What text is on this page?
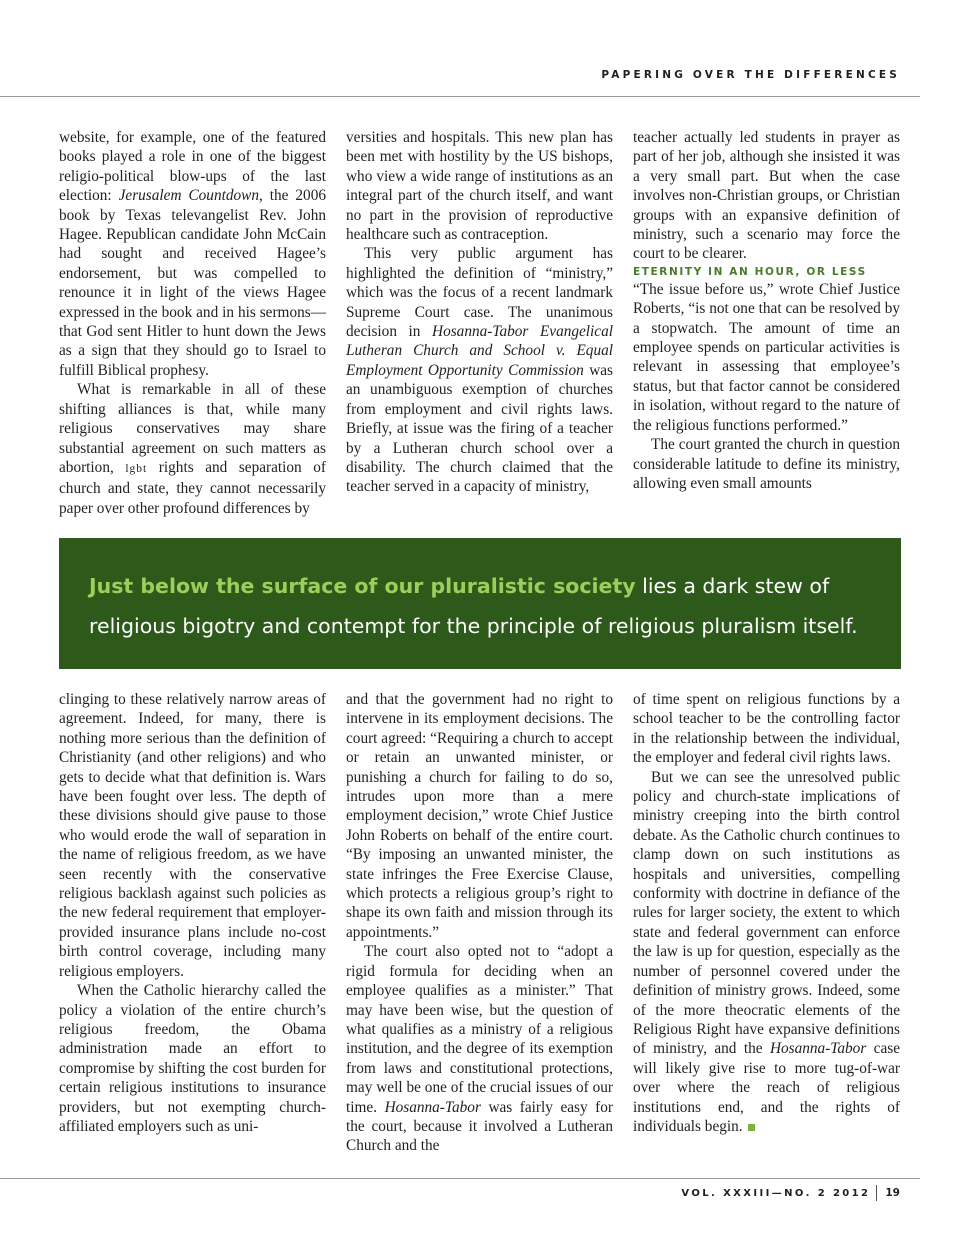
PAPERING OVER THE DIFFERENCES

website, for example, one of the featured books played a role in one of the biggest religio-political blow-ups of the last election: Jerusalem Countdown, the 2006 book by Texas televangelist Rev. John Hagee. Republican candidate John McCain had sought and received Hagee’s endorsement, but was compelled to renounce it in light of the views Hagee expressed in the book and in his sermons—that God sent Hitler to hunt down the Jews as a sign that they should go to Israel to fulfill Biblical prophesy.

What is remarkable in all of these shifting alliances is that, while many religious conservatives may share substantial agreement on such matters as abortion, lgbt rights and separation of church and state, they cannot necessarily paper over other profound differences by

versities and hospitals. This new plan has been met with hostility by the US bishops, who view a wide range of institutions as an integral part of the church itself, and want no part in the provision of reproductive healthcare such as contraception.

This very public argument has highlighted the definition of “ministry,” which was the focus of a recent landmark Supreme Court case. The unanimous decision in Hosanna-Tabor Evangelical Lutheran Church and School v. Equal Employment Opportunity Commission was an unambiguous exemption of churches from employment and civil rights laws. Briefly, at issue was the firing of a teacher by a Lutheran church school over a disability. The church claimed that the teacher served in a capacity of ministry,

teacher actually led students in prayer as part of her job, although she insisted it was a very small part. But when the case involves non-Christian groups, or Christian groups with an expansive definition of ministry, such a scenario may force the court to be clearer.

ETERNITY IN AN HOUR, OR LESS

“The issue before us,” wrote Chief Justice Roberts, “is not one that can be resolved by a stopwatch. The amount of time an employee spends on particular activities is relevant in assessing that employee’s status, but that factor cannot be considered in isolation, without regard to the nature of the religious functions performed.”

The court granted the church in question considerable latitude to define its ministry, allowing even small amounts

Just below the surface of our pluralistic society lies a dark stew of religious bigotry and contempt for the principle of religious pluralism itself.

clinging to these relatively narrow areas of agreement. Indeed, for many, there is nothing more serious than the definition of Christianity (and other religions) and who gets to decide what that definition is. Wars have been fought over less. The depth of these divisions should give pause to those who would erode the wall of separation in the name of religious freedom, as we have seen recently with the conservative religious backlash against such policies as the new federal requirement that employer-provided insurance plans include no-cost birth control coverage, including many religious employers.

When the Catholic hierarchy called the policy a violation of the entire church’s religious freedom, the Obama administration made an effort to compromise by shifting the cost burden for certain religious institutions to insurance providers, but not exempting church-affiliated employers such as uni-

and that the government had no right to intervene in its employment decisions. The court agreed: “Requiring a church to accept or retain an unwanted minister, or punishing a church for failing to do so, intrudes upon more than a mere employment decision,” wrote Chief Justice John Roberts on behalf of the entire court. “By imposing an unwanted minister, the state infringes the Free Exercise Clause, which protects a religious group’s right to shape its own faith and mission through its appointments.”

The court also opted not to “adopt a rigid formula for deciding when an employee qualifies as a minister.” That may have been wise, but the question of what qualifies as a ministry of a religious institution, and the degree of its exemption from laws and constitutional protections, may well be one of the crucial issues of our time. Hosanna-Tabor was fairly easy for the court, because it involved a Lutheran Church and the

of time spent on religious functions by a school teacher to be the controlling factor in the relationship between the individual, the employer and federal civil rights laws.

But we can see the unresolved public policy and church-state implications of ministry creeping into the birth control debate. As the Catholic church continues to clamp down on such institutions as hospitals and universities, compelling conformity with doctrine in defiance of the rules for larger society, the extent to which state and federal government can enforce the law is up for question, especially as the number of personnel covered under the definition of ministry grows. Indeed, some of the more theocratic elements of the Religious Right have expansive definitions of ministry, and the Hosanna-Tabor case will likely give rise to more tug-of-war over where the reach of religious institutions end, and the rights of individuals begin.

VOL. XXXIII—NO. 2 2012 19
